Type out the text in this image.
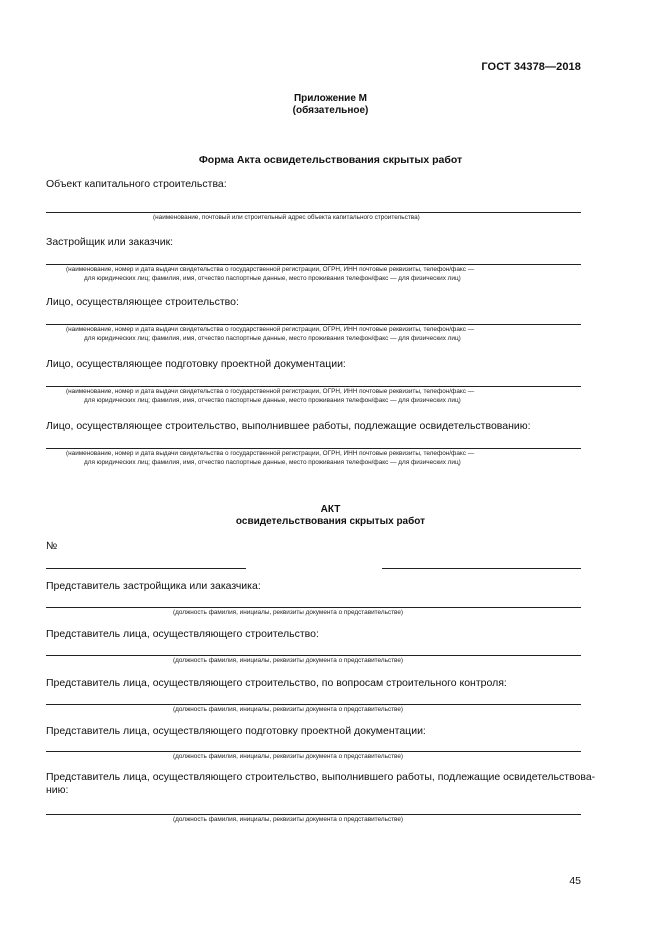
ГОСТ 34378—2018
Приложение М
(обязательное)
Форма Акта освидетельствования скрытых работ
Объект капитального строительства:
(наименование, почтовый или строительный адрес объекта капитального строительства)
Застройщик или заказчик:
(наименование, номер и дата выдачи свидетельства о государственной регистрации, ОГРН, ИНН почтовые реквизиты, телефон/факс —
для юридических лиц; фамилия, имя, отчество паспортные данные, место проживания телефон/факс — для физических лиц)
Лицо, осуществляющее строительство:
(наименование, номер и дата выдачи свидетельства о государственной регистрации, ОГРН, ИНН почтовые реквизиты, телефон/факс —
для юридических лиц; фамилия, имя, отчество паспортные данные, место проживания телефон/факс — для физических лиц)
Лицо, осуществляющее подготовку проектной документации:
(наименование, номер и дата выдачи свидетельства о государственной регистрации, ОГРН, ИНН почтовые реквизиты, телефон/факс —
для юридических лиц; фамилия, имя, отчество паспортные данные, место проживания телефон/факс — для физических лиц)
Лицо, осуществляющее строительство, выполнившее работы, подлежащие освидетельствованию:
(наименование, номер и дата выдачи свидетельства о государственной регистрации, ОГРН, ИНН почтовые реквизиты, телефон/факс —
для юридических лиц; фамилия, имя, отчество паспортные данные, место проживания телефон/факс — для физических лиц)
АКТ
освидетельствования скрытых работ
№
Представитель застройщика или заказчика:
(должность фамилия, инициалы, реквизиты документа о представительстве)
Представитель лица, осуществляющего строительство:
(должность фамилия, инициалы, реквизиты документа о представительстве)
Представитель лица, осуществляющего строительство, по вопросам строительного контроля:
(должность фамилия, инициалы, реквизиты документа о представительстве)
Представитель лица, осуществляющего подготовку проектной документации:
(должность фамилия, инициалы, реквизиты документа о представительстве)
Представитель лица, осуществляющего строительство, выполнившего работы, подлежащие освидетельствова-
нию:
(должность фамилия, инициалы, реквизиты документа о представительстве)
45
